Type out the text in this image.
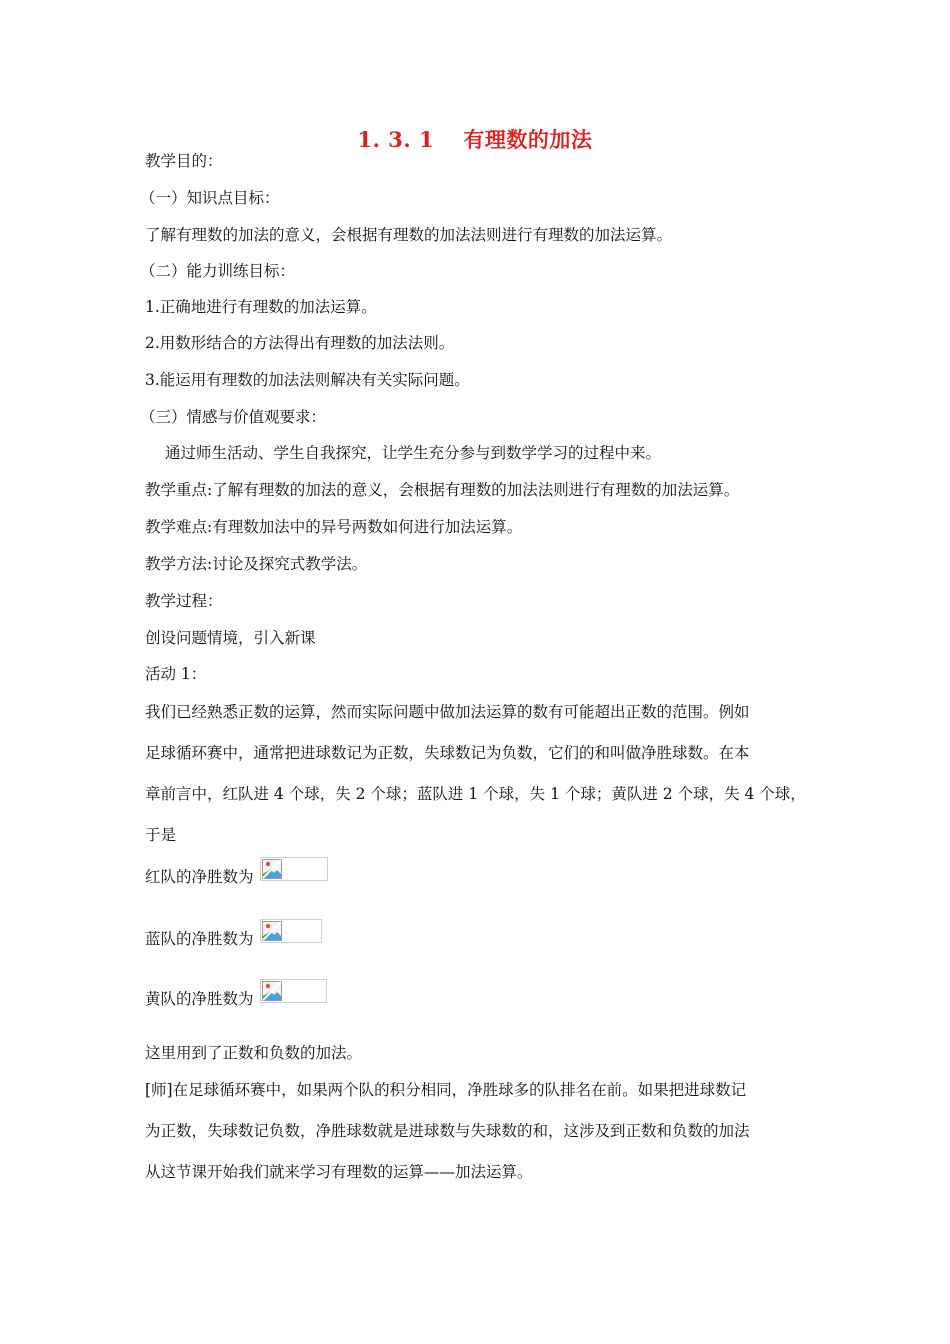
1. 3. 1　 有理数的加法
教学目的：
（一）知识点目标：
了解有理数的加法的意义，会根据有理数的加法法则进行有理数的加法运算。
（二）能力训练目标：
1.正确地进行有理数的加法运算。
2.用数形结合的方法得出有理数的加法法则。
3.能运用有理数的加法法则解决有关实际问题。
（三）情感与价值观要求：
通过师生活动、学生自我探究，让学生充分参与到数学学习的过程中来。
教学重点:了解有理数的加法的意义，会根据有理数的加法法则进行有理数的加法运算。
教学难点:有理数加法中的异号两数如何进行加法运算。
教学方法:讨论及探究式教学法。
教学过程：
创设问题情境，引入新课
活动 1：
我们已经熟悉正数的运算，然而实际问题中做加法运算的数有可能超出正数的范围。例如
足球循环赛中，通常把进球数记为正数，失球数记为负数，它们的和叫做净胜球数。在本
章前言中，红队进 4 个球，失 2 个球；蓝队进 1 个球，失 1 个球；黄队进 2 个球，失 4 个球，
于是
红队的净胜数为
蓝队的净胜数为
黄队的净胜数为
这里用到了正数和负数的加法。
[师]在足球循环赛中，如果两个队的积分相同，净胜球多的队排名在前。如果把进球数记
为正数，失球数记负数，净胜球数就是进球数与失球数的和，这涉及到正数和负数的加法
从这节课开始我们就来学习有理数的运算——加法运算。
